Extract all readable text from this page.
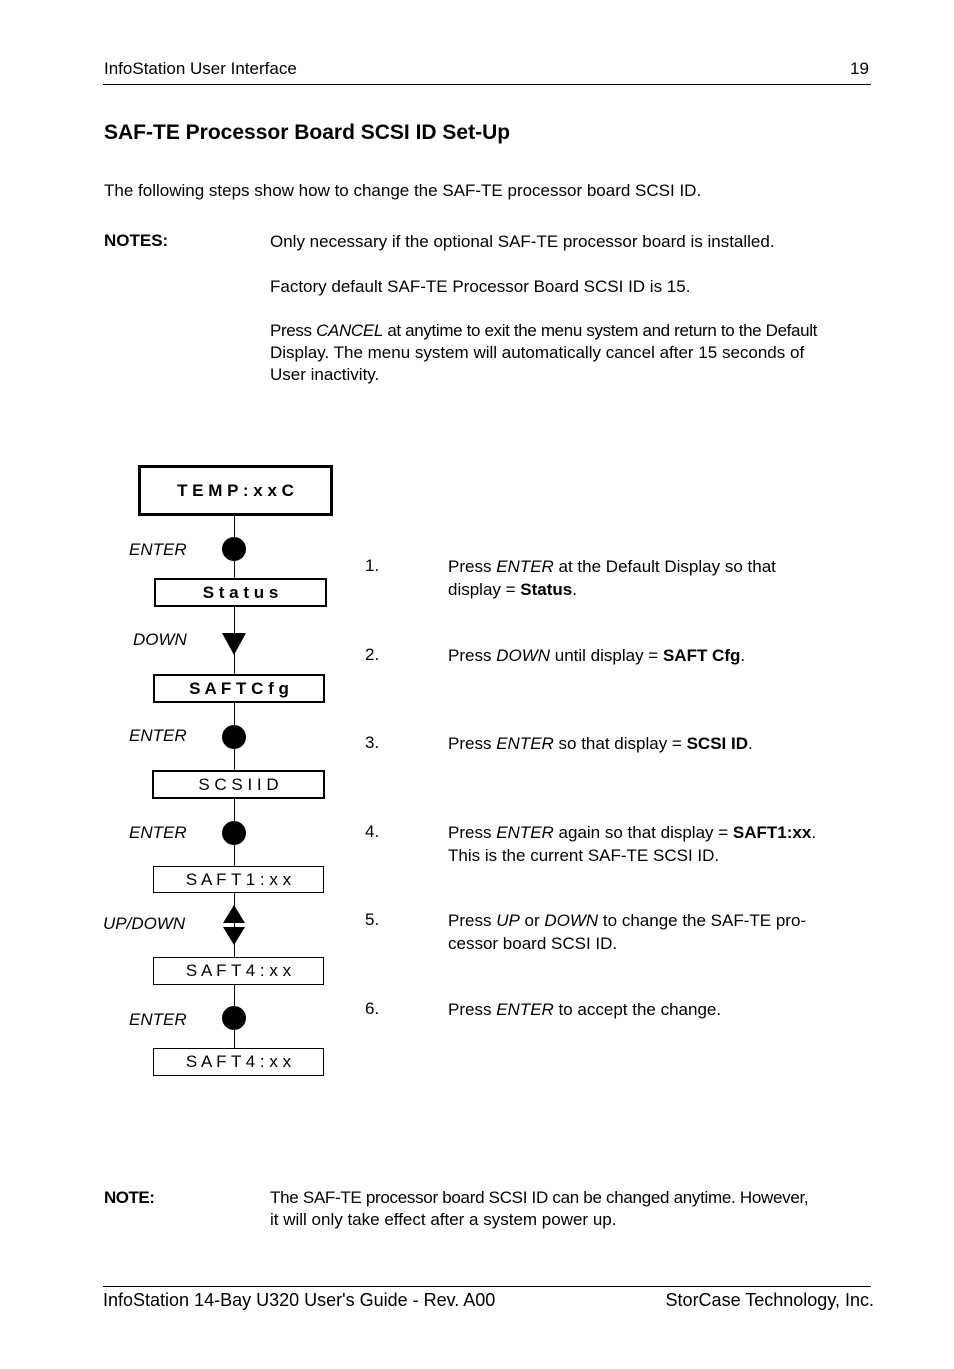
InfoStation User Interface	19
SAF-TE Processor Board SCSI ID Set-Up
The following steps show how to change the SAF-TE processor board SCSI ID.
NOTES:	Only necessary if the optional SAF-TE processor board is installed.
Factory default SAF-TE Processor Board SCSI ID is 15.
Press CANCEL at anytime to exit the menu system and return to the Default
Display. The menu system will automatically cancel after 15 seconds of
User inactivity.
T E M P : x x C
ENTER
S t a t u s
DOWN
S A F T C f g
ENTER
S C S I I D
ENTER
S A F T 1 : x x
UP/DOWN
S A F T 4 : x x
ENTER
S A F T 4 : x x
1.	Press ENTER at the Default Display so that
display = Status.
2.	Press DOWN until display = SAFT Cfg.
3.	Press ENTER so that display = SCSI ID.
4.	Press ENTER again so that display = SAFT1:xx.
This is the current SAF-TE SCSI ID.
5.	Press UP or DOWN to change the SAF-TE pro-
cessor board SCSI ID.
6.	Press ENTER to accept the change.
NOTE:	The SAF-TE processor board SCSI ID can be changed anytime. However,
it will only take effect after a system power up.
InfoStation 14-Bay U320 User's Guide - Rev. A00	StorCase Technology, Inc.
